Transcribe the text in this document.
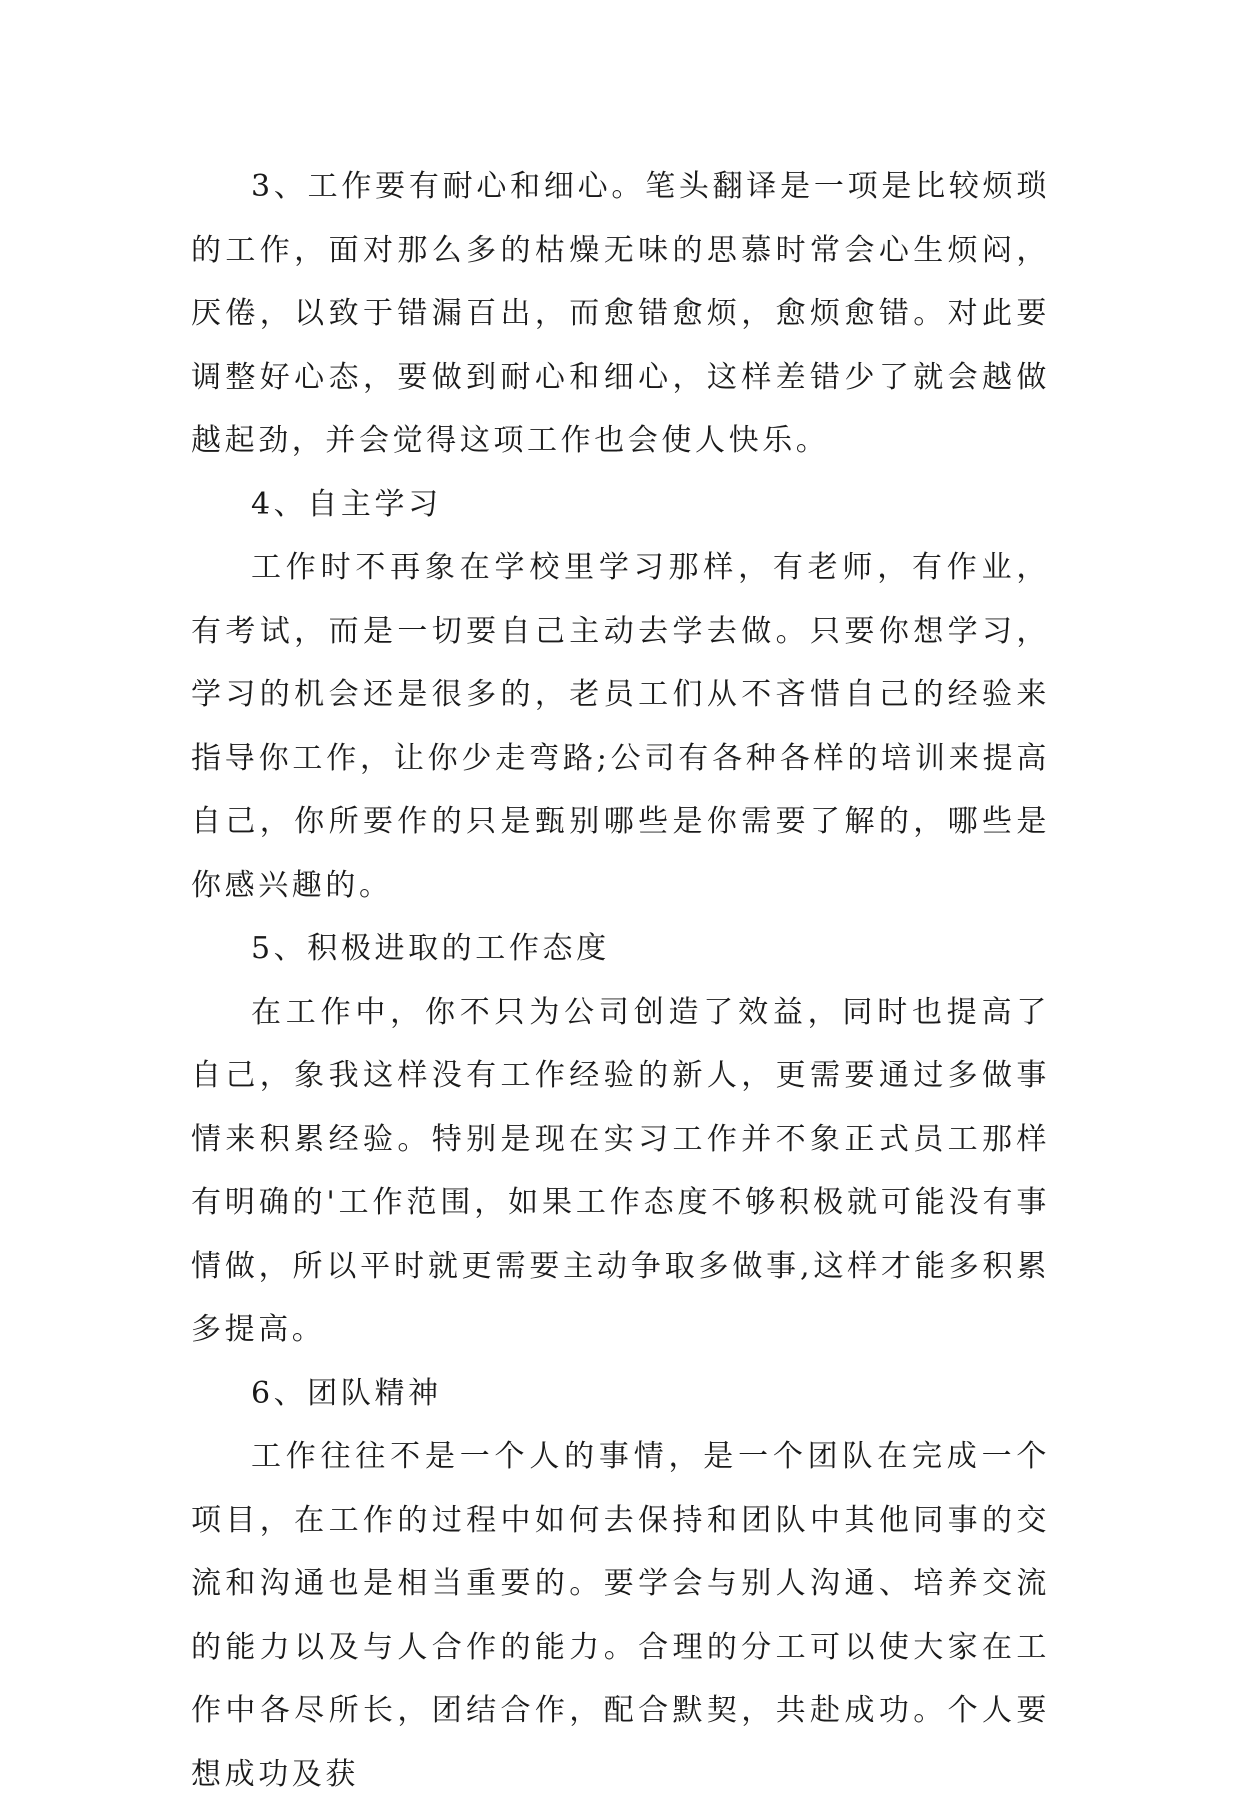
3、工作要有耐心和细心。笔头翻译是一项是比较烦琐的工作，面对那么多的枯燥无味的思慕时常会心生烦闷，厌倦，以致于错漏百出，而愈错愈烦，愈烦愈错。对此要调整好心态，要做到耐心和细心，这样差错少了就会越做越起劲，并会觉得这项工作也会使人快乐。

4、自主学习

工作时不再象在学校里学习那样，有老师，有作业，有考试，而是一切要自己主动去学去做。只要你想学习，学习的机会还是很多的，老员工们从不吝惜自己的经验来指导你工作，让你少走弯路;公司有各种各样的培训来提高自己，你所要作的只是甄别哪些是你需要了解的，哪些是你感兴趣的。

5、积极进取的工作态度

在工作中，你不只为公司创造了效益，同时也提高了自己，象我这样没有工作经验的新人，更需要通过多做事情来积累经验。特别是现在实习工作并不象正式员工那样有明确的'工作范围，如果工作态度不够积极就可能没有事情做，所以平时就更需要主动争取多做事,这样才能多积累多提高。

6、团队精神

工作往往不是一个人的事情，是一个团队在完成一个项目，在工作的过程中如何去保持和团队中其他同事的交流和沟通也是相当重要的。要学会与别人沟通、培养交流的能力以及与人合作的能力。合理的分工可以使大家在工作中各尽所长，团结合作，配合默契，共赴成功。个人要想成功及获
